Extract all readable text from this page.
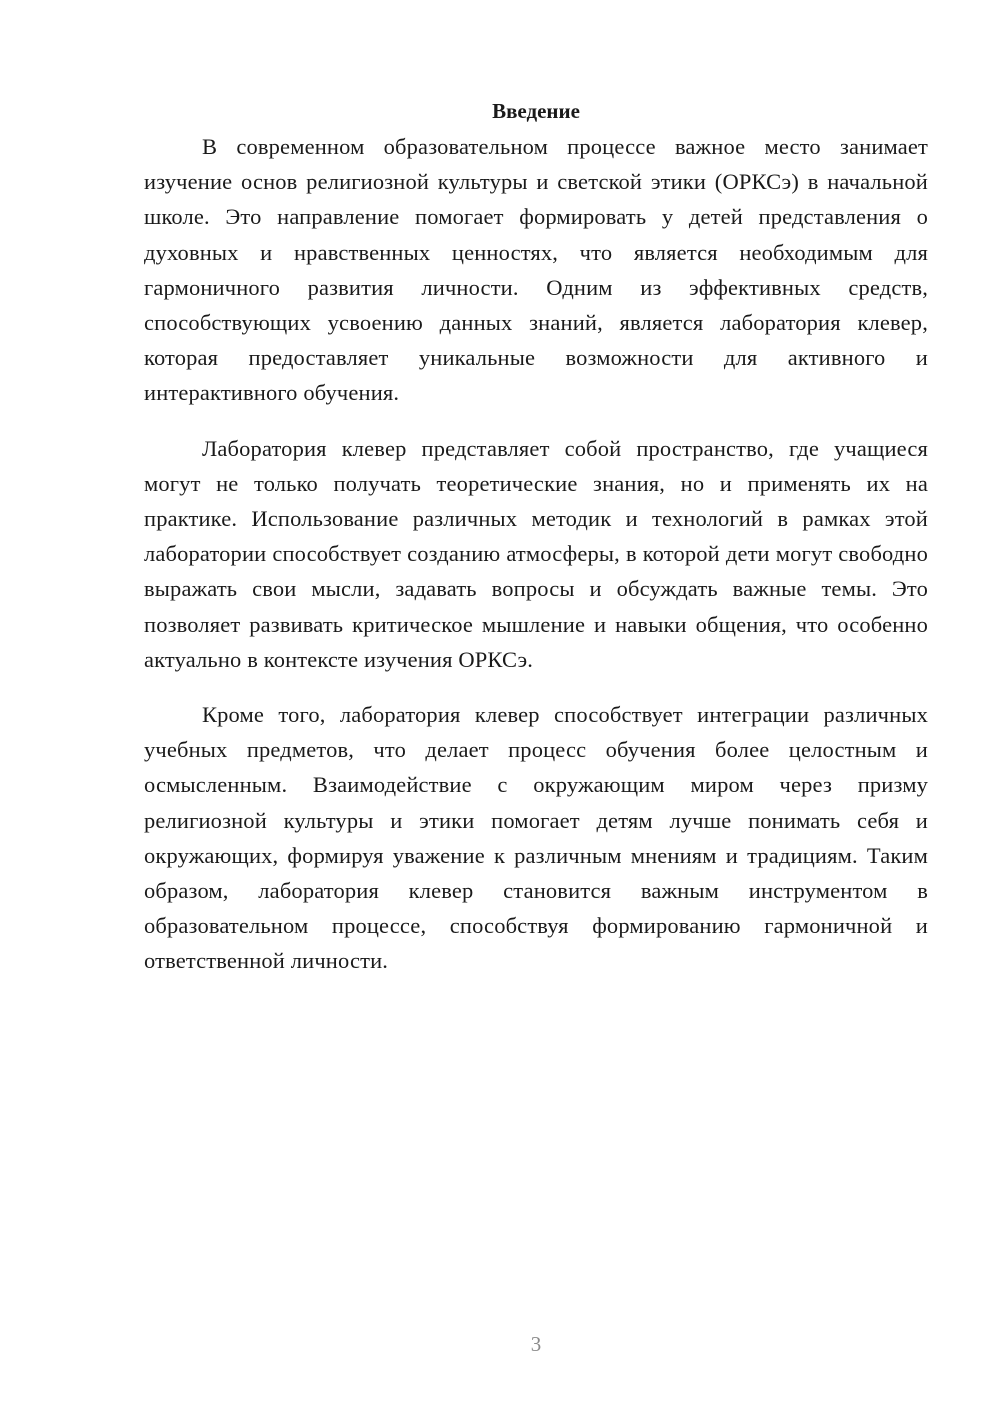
Введение

В современном образовательном процессе важное место занимает изучение основ религиозной культуры и светской этики (ОРКСэ) в начальной школе. Это направление помогает формировать у детей представления о духовных и нравственных ценностях, что является необходимым для гармоничного развития личности. Одним из эффективных средств, способствующих усвоению данных знаний, является лаборатория клевер, которая предоставляет уникальные возможности для активного и интерактивного обучения.

Лаборатория клевер представляет собой пространство, где учащиеся могут не только получать теоретические знания, но и применять их на практике. Использование различных методик и технологий в рамках этой лаборатории способствует созданию атмосферы, в которой дети могут свободно выражать свои мысли, задавать вопросы и обсуждать важные темы. Это позволяет развивать критическое мышление и навыки общения, что особенно актуально в контексте изучения ОРКСэ.

Кроме того, лаборатория клевер способствует интеграции различных учебных предметов, что делает процесс обучения более целостным и осмысленным. Взаимодействие с окружающим миром через призму религиозной культуры и этики помогает детям лучше понимать себя и окружающих, формируя уважение к различным мнениям и традициям. Таким образом, лаборатория клевер становится важным инструментом в образовательном процессе, способствуя формированию гармоничной и ответственной личности.

3
